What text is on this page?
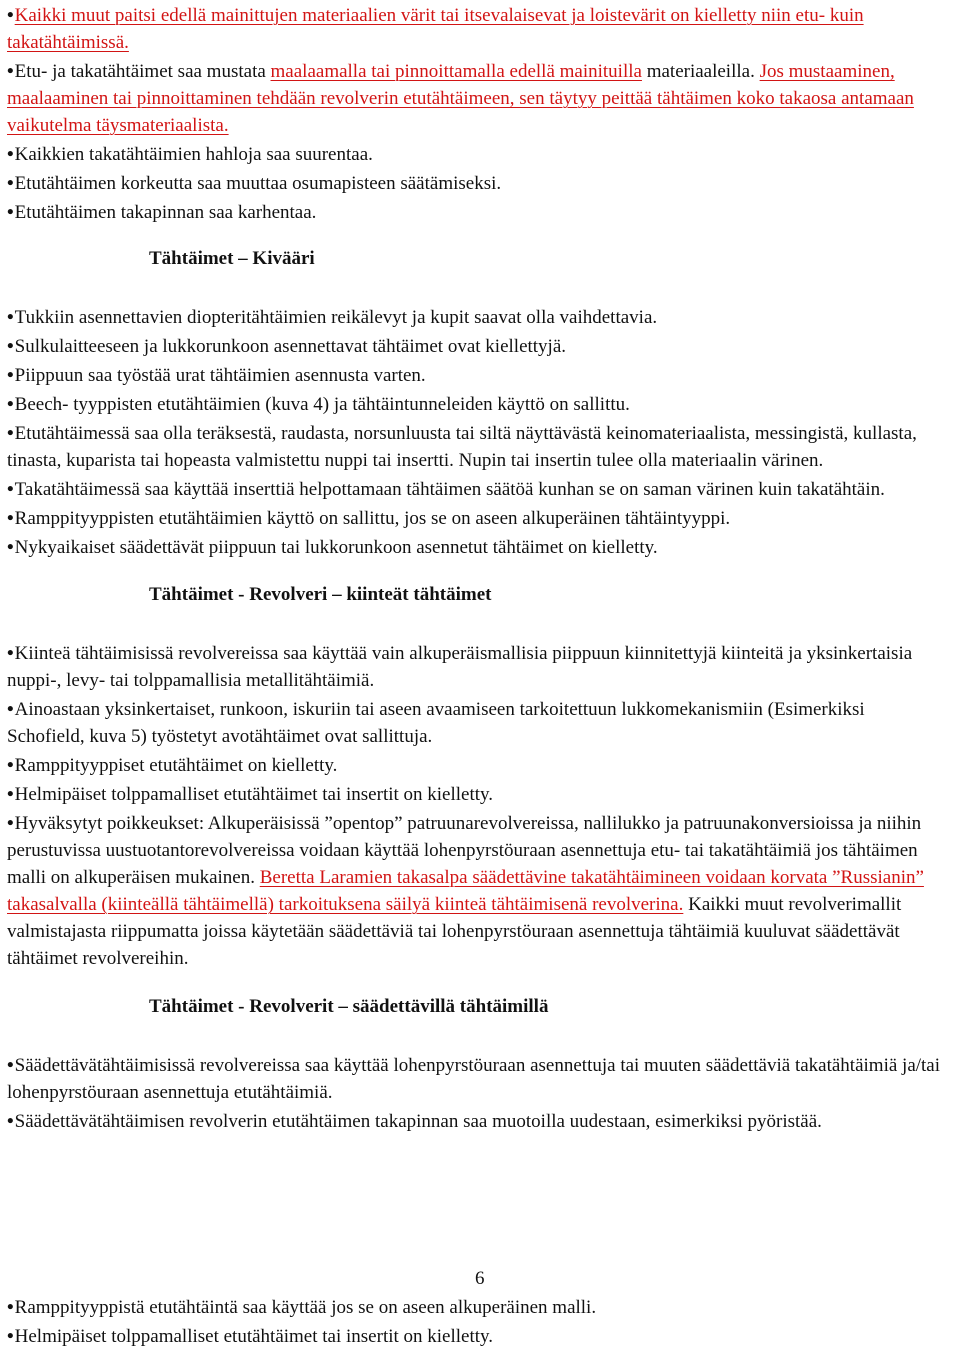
• Kaikki muut paitsi edellä mainittujen materiaalien värit tai itsevalaisevat ja loistevärit on kielletty niin etu- kuin takatähtäimissä.
• Etu- ja takatähtäimet saa mustata maalaamalla tai pinnoittamalla edellä mainituilla materiaaleilla. Jos mustaaminen, maalaaminen tai pinnoittaminen tehdään revolverin etutähtäimeen, sen täytyy peittää tähtäimen koko takaosa antamaan vaikutelma täysmateriaalista.
• Kaikkien takatähtäimien hahloja saa suurentaa.
• Etutähtäimen korkeutta saa muuttaa osumapisteen säätämiseksi.
• Etutähtäimen takapinnan saa karhentaa.
Tähtäimet – Kivääri
• Tukkiin asennettavien diopteritähtäimien reikälevyt ja kupit saavat olla vaihdettavia.
• Sulkulaitteeseen ja lukkorunkoon asennettavat tähtäimet ovat kiellettyjä.
• Piippuun saa työstää urat tähtäimien asennusta varten.
• Beech- tyyppisten etutähtäimien (kuva 4) ja tähtäintunneleiden käyttö on sallittu.
• Etutähtäimessä saa olla teräksestä, raudasta, norsunluusta tai siltä näyttävästä keinomateriaalista, messingistä, kullasta, tinasta, kuparista tai hopeasta valmistettu nuppi tai insertti. Nupin tai insertin tulee olla materiaalin värinen.
• Takatähtäimessä saa käyttää inserttiä helpottamaan tähtäimen säätöä kunhan se on saman värinen kuin takatähtäin.
• Ramppityyppisten etutähtäimien käyttö on sallittu, jos se on aseen alkuperäinen tähtäintyyppi.
• Nykyaikaiset säädettävät piippuun tai lukkorunkoon asennetut tähtäimet on kielletty.
Tähtäimet - Revolveri – kiinteät tähtäimet
• Kiinteä tähtäimisissä revolvereissa saa käyttää vain alkuperäismallisia piippuun kiinnitettyjä kiinteitä ja yksinkertaisia nuppi-, levy- tai tolppamallisia metallitähtäimiä.
• Ainoastaan yksinkertaiset, runkoon, iskuriin tai aseen avaamiseen tarkoitettuun lukkomekanismiin (Esimerkiksi Schofield, kuva 5) työstetyt avotähtäimet ovat sallittuja.
• Ramppityyppiset etutähtäimet on kielletty.
• Helmipäiset tolppamalliset etutähtäimet tai insertit on kielletty.
• Hyväksytyt poikkeukset: Alkuperäisissä ”opentop” patruunarevolvereissa, nallilukko ja patruunakonversioissa ja niihin perustuvissa uustuotantorevolvereissa voidaan käyttää lohenpyrstöuraan asennettuja etu- tai takatähtäimiä jos tähtäimen malli on alkuperäisen mukainen. Beretta Laramien takasalpa säädettävine takatähtäimineen voidaan korvata ”Russianin” takasalvalla (kiinteällä tähtäimellä) tarkoituksena säilyä kiinteä tähtäimisenä revolverina. Kaikki muut revolverimallit valmistajasta riippumatta joissa käytetään säädettäviä tai lohenpyrstöuraan asennettuja tähtäimiä kuuluvat säädettävät tähtäimet revolvereihin.
Tähtäimet - Revolverit – säädettävillä tähtäimillä
• Säädettävätähtäimisissä revolvereissa saa käyttää lohenpyrstöuraan asennettuja tai muuten säädettäviä takatähtäimiä ja/tai lohenpyrstöuraan asennettuja etutähtäimiä.
• Säädettävätähtäimisen revolverin etutähtäimen takapinnan saa muotoilla uudestaan, esimerkiksi pyöristää.
6
• Ramppityyppistä etutähtäintä saa käyttää jos se on aseen alkuperäinen malli.
• Helmipäiset tolppamalliset etutähtäimet tai insertit on kielletty.
